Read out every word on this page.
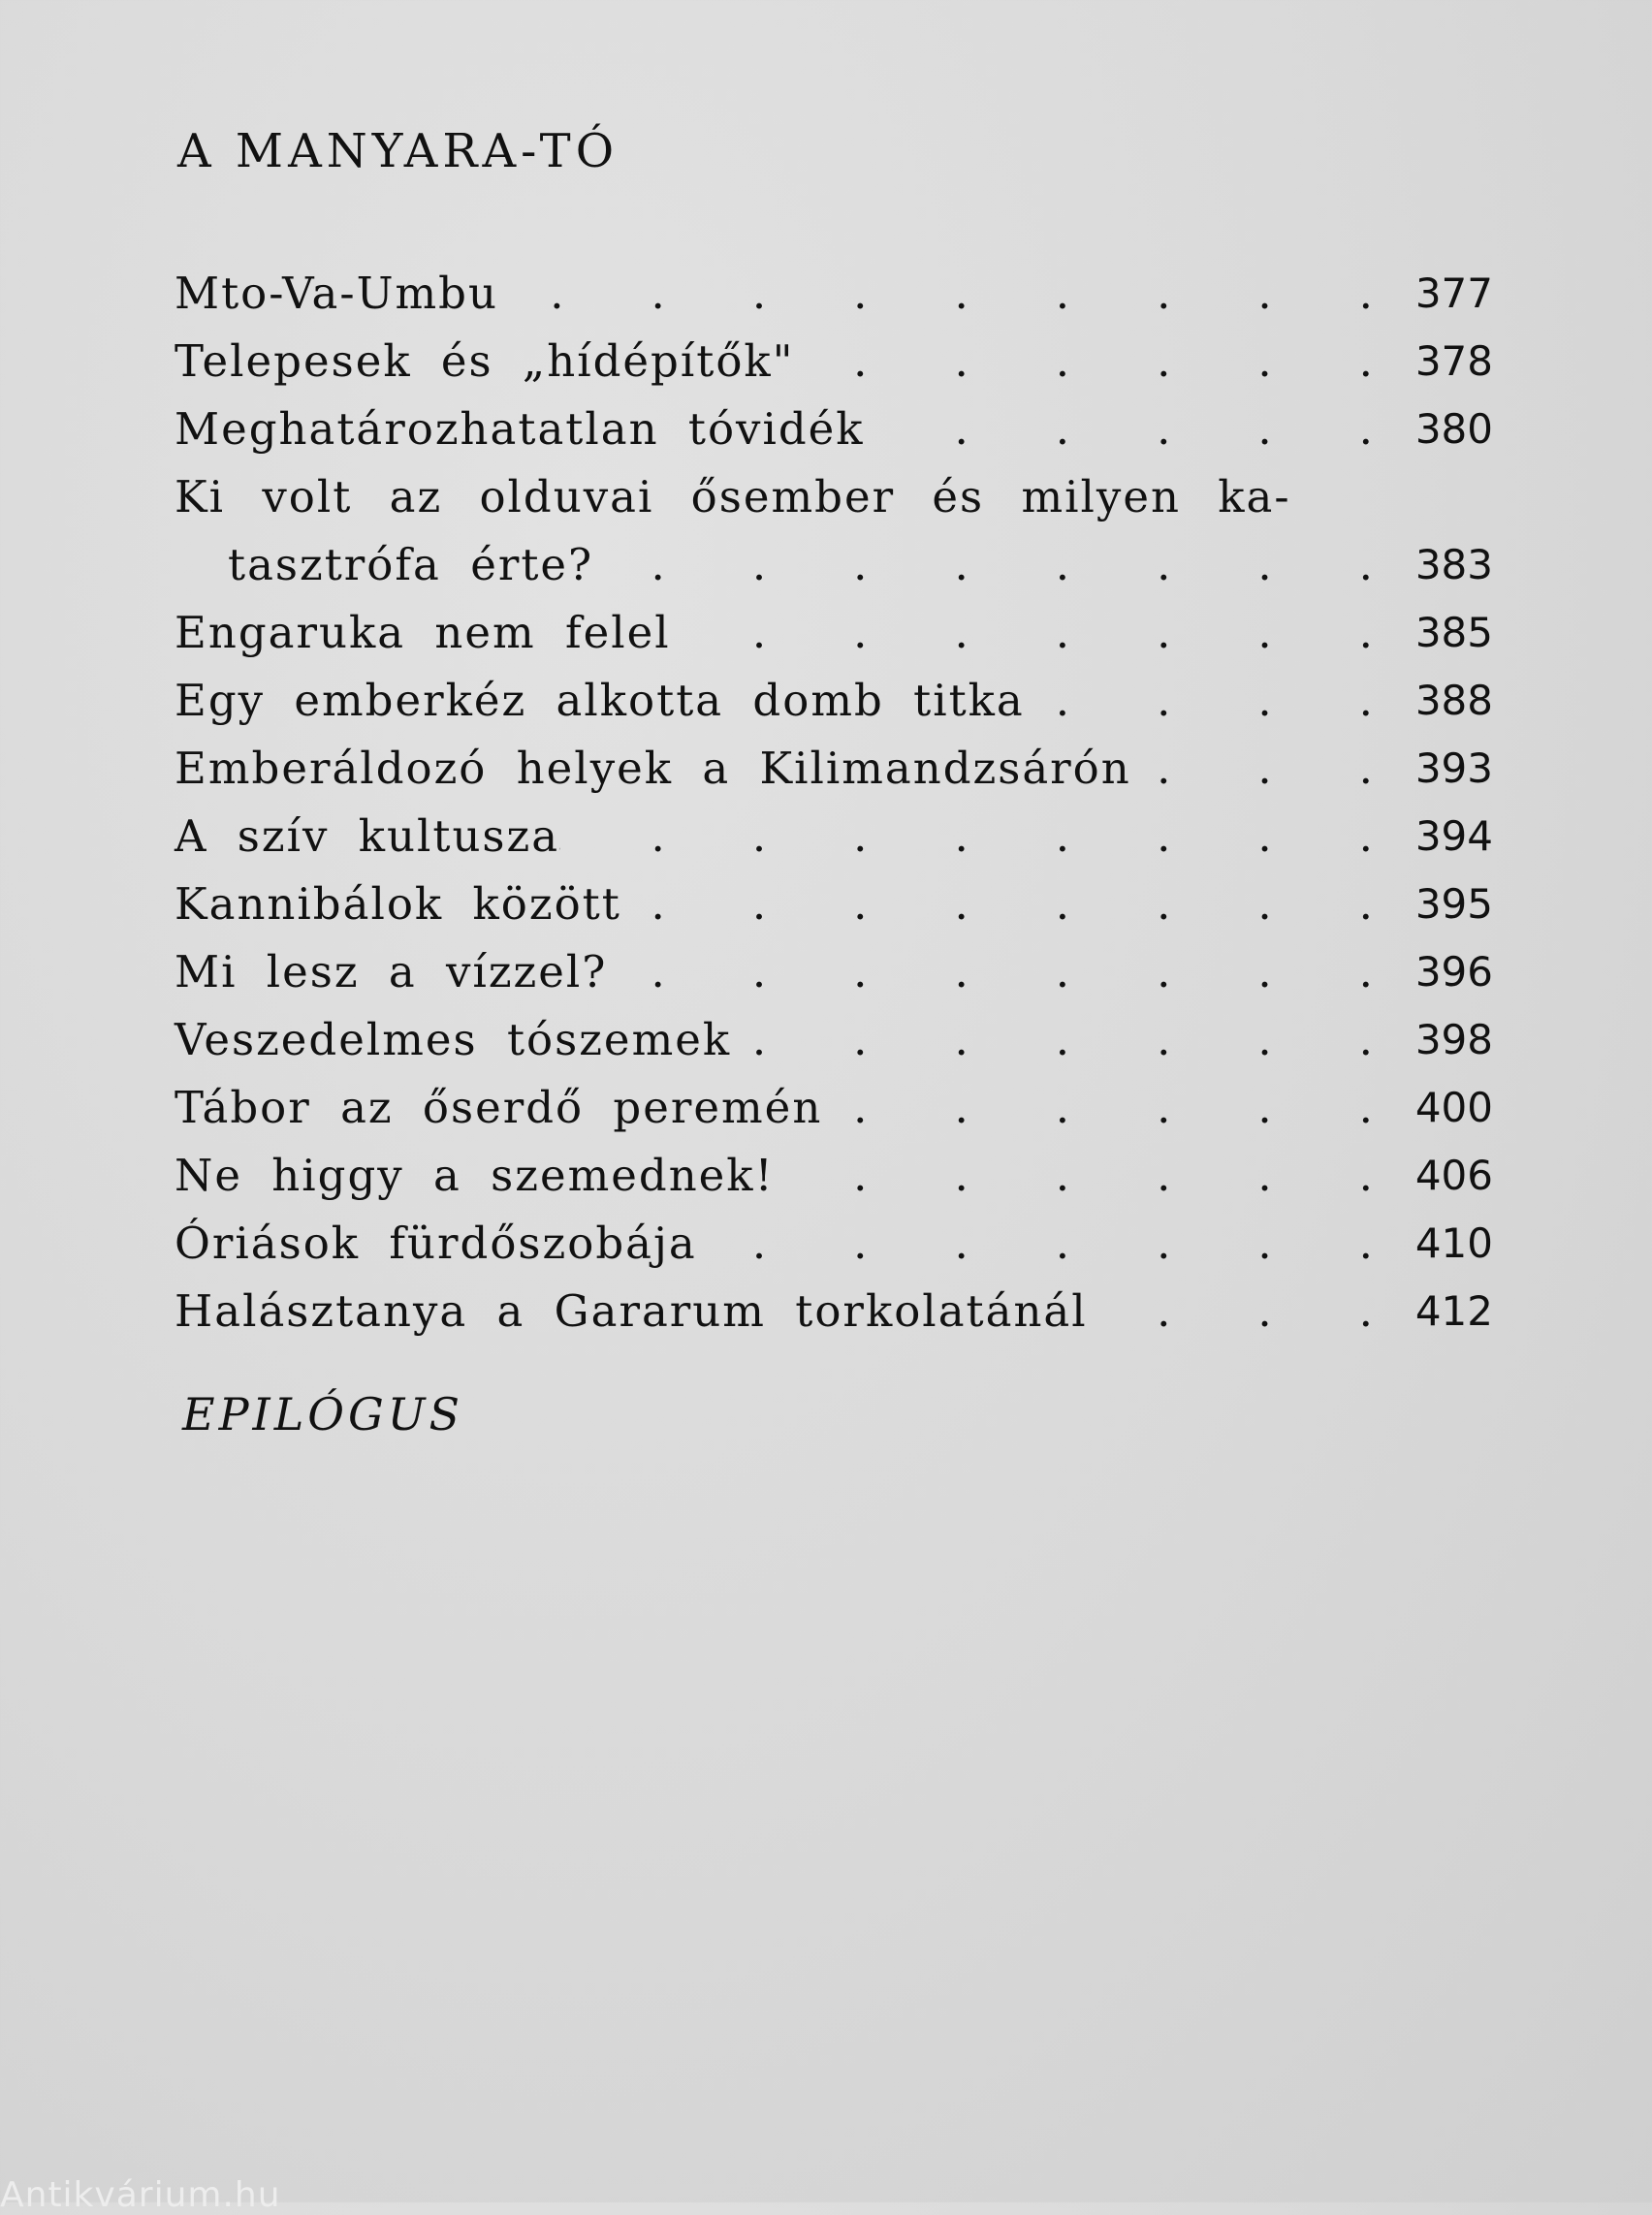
A MANYARA-TÓ
Mto-Va-Umbu .  . 	377
Telepesek és „hídépítők" .  . 	378
Meghatározhatatlan tóvidék .  . 	380
Ki volt az olduvai ősember és milyen ka-
tasztrófa érte? .  . 	383
Engaruka nem felel .  . 	385
Egy emberkéz alkotta domb titka .  . 	388
Emberáldozó helyek a Kilimandzsárón .  . 	393
A szív kultusza .  . 	394
Kannibálok között .  . 	395
Mi lesz a vízzel? .  . 	396
Veszedelmes tószemek .  . 	398
Tábor az őserdő peremén .  . 	400
Ne higgy a szemednek! .  . 	406
Óriások fürdőszobája .  . 	410
Halásztanya a Gararum torkolatánál .  . 	412
EPILÓGUS
Antikvárium.hu
